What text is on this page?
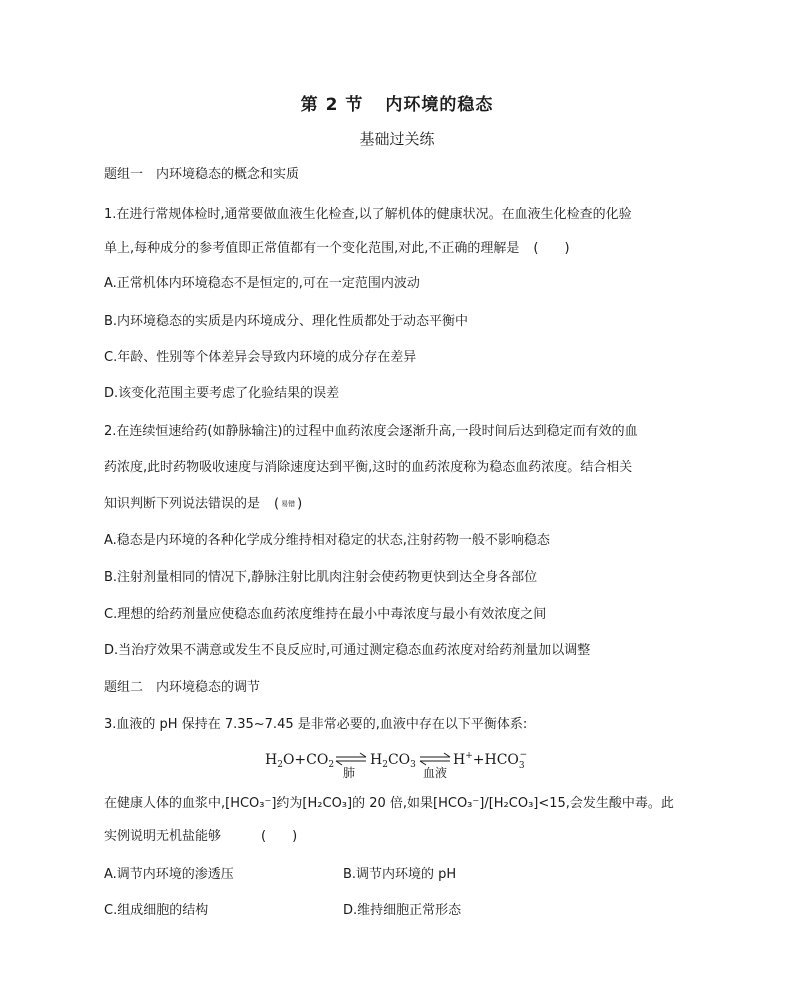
第 2 节 内环境的稳态
基础过关练
题组一　内环境稳态的概念和实质
1.在进行常规体检时,通常要做血液生化检查,以了解机体的健康状况。在血液生化检查的化验
单上,每种成分的参考值即正常值都有一个变化范围,对此,不正确的理解是 (　　)
A.正常机体内环境稳态不是恒定的,可在一定范围内波动
B.内环境稳态的实质是内环境成分、理化性质都处于动态平衡中
C.年龄、性别等个体差异会导致内环境的成分存在差异
D.该变化范围主要考虑了化验结果的误差
2.在连续恒速给药(如静脉输注)的过程中血药浓度会逐渐升高,一段时间后达到稳定而有效的血
药浓度,此时药物吸收速度与消除速度达到平衡,这时的血药浓度称为稳态血药浓度。结合相关
知识判断下列说法错误的是 ( 易错 )
A.稳态是内环境的各种化学成分维持相对稳定的状态,注射药物一般不影响稳态
B.注射剂量相同的情况下,静脉注射比肌肉注射会使药物更快到达全身各部位
C.理想的给药剂量应使稳态血药浓度维持在最小中毒浓度与最小有效浓度之间
D.当治疗效果不满意或发生不良反应时,可通过测定稳态血药浓度对给药剂量加以调整
题组二　内环境稳态的调节
3.血液的 pH 保持在 7.35~7.45 是非常必要的,血液中存在以下平衡体系:
$H_2O+CO_2$
肺
$H_2CO_3$
血液
$H^++HCO_3-$
在健康人体的血浆中,[HCO₃⁻]约为[H₂CO₃]的 20 倍,如果[HCO₃⁻]/[H₂CO₃]<15,会发生酸中毒。此
实例说明无机盐能够	(　　)
A.调节内环境的渗透压	B.调节内环境的 pH
C.组成细胞的结构	D.维持细胞正常形态
